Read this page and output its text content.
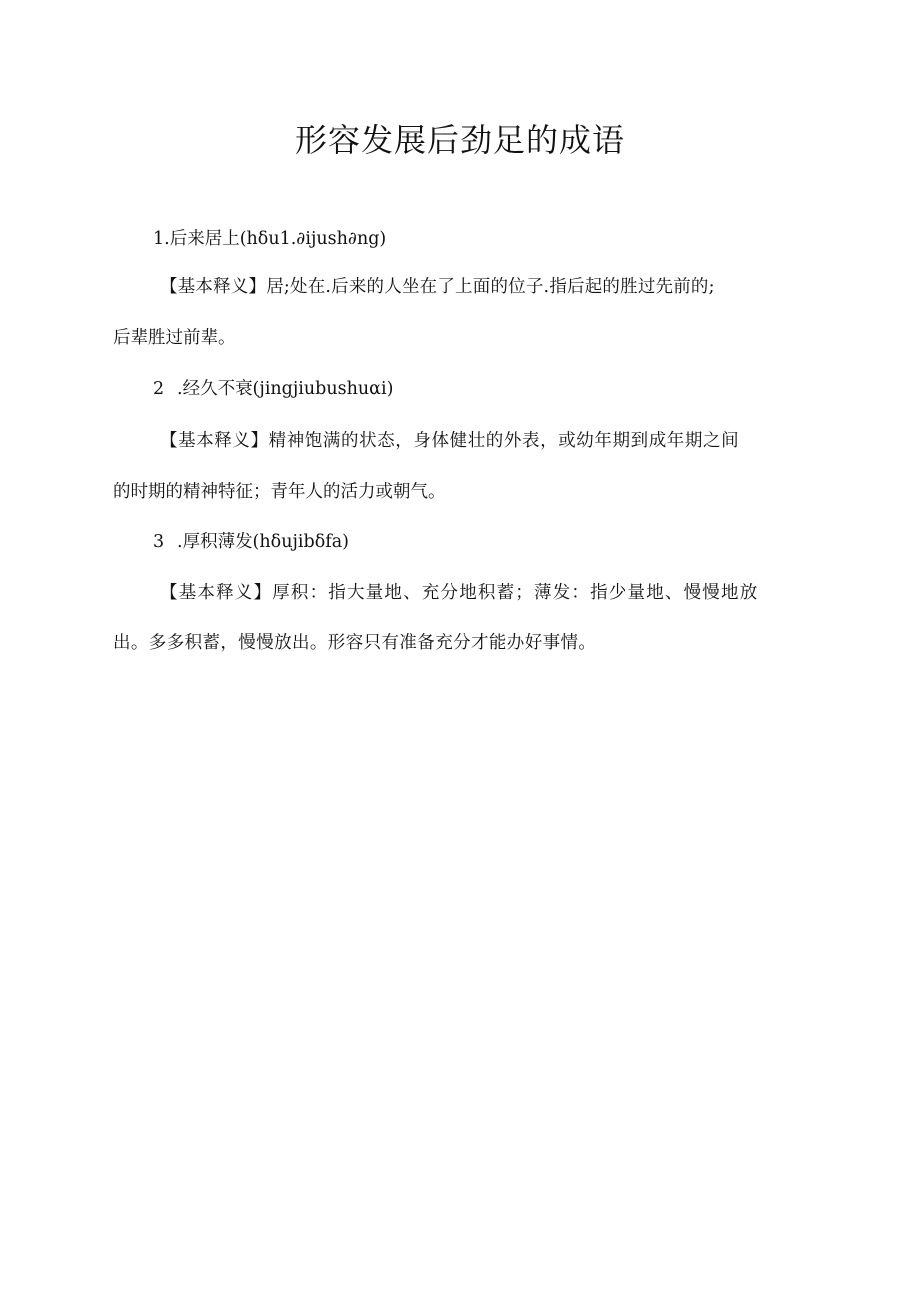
形容发展后劲足的成语
1.后来居上(hδu1.∂ijush∂ng)
【基本释义】居;处在.后来的人坐在了上面的位子.指后起的胜过先前的;
后辈胜过前辈。
2 .经久不衰(jingjiubushuαi)
【基本释义】精神饱满的状态，身体健壮的外表，或幼年期到成年期之间
的时期的精神特征；青年人的活力或朝气。
3 .厚积薄发(hδujibδfa)
【基本释义】厚积：指大量地、充分地积蓄；薄发：指少量地、慢慢地放
出。多多积蓄，慢慢放出。形容只有准备充分才能办好事情。
